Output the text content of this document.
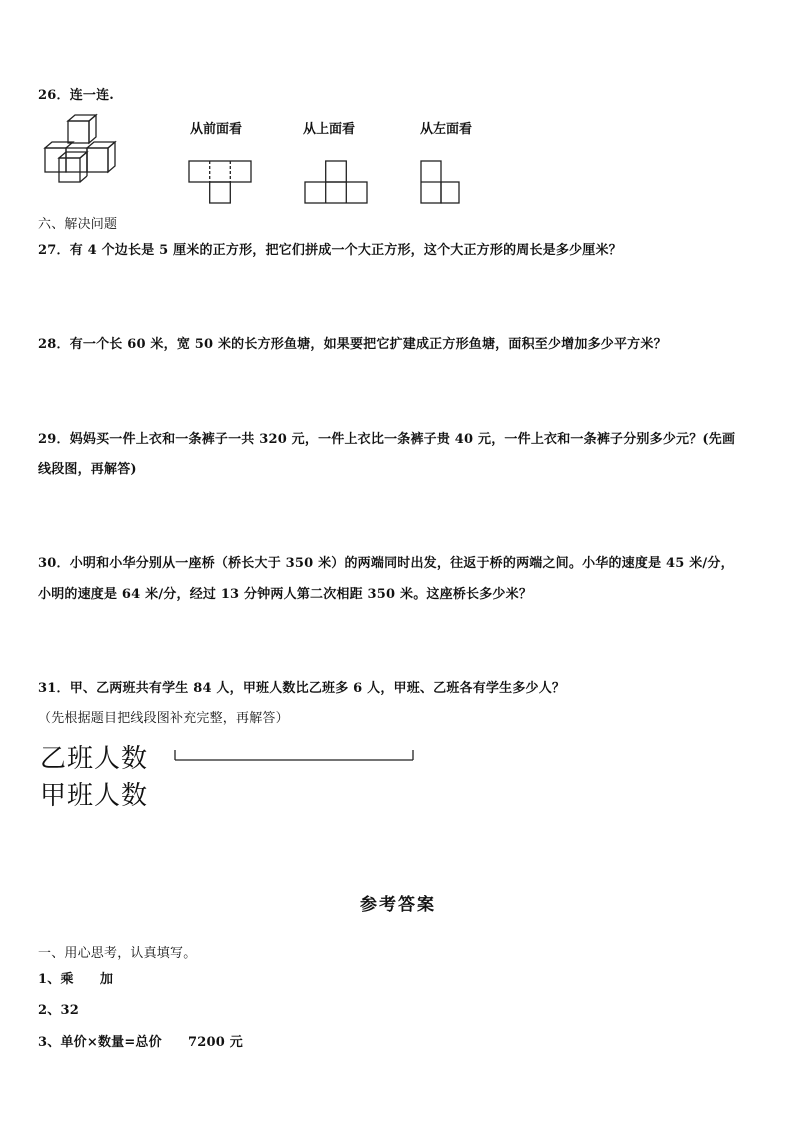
26．连一连.
从前面看	从上面看	从左面看
六、解决问题
27．有 4 个边长是 5 厘米的正方形，把它们拼成一个大正方形，这个大正方形的周长是多少厘米？
28．有一个长 60 米，宽 50 米的长方形鱼塘，如果要把它扩建成正方形鱼塘，面积至少增加多少平方米？
29．妈妈买一件上衣和一条裤子一共 320 元，一件上衣比一条裤子贵 40 元，一件上衣和一条裤子分别多少元？(先画
线段图，再解答)
30．小明和小华分别从一座桥（桥长大于 350 米）的两端同时出发，往返于桥的两端之间。小华的速度是 45 米/分，
小明的速度是 64 米/分，经过 13 分钟两人第二次相距 350 米。这座桥长多少米？
31．甲、乙两班共有学生 84 人，甲班人数比乙班多 6 人，甲班、乙班各有学生多少人？
（先根据题目把线段图补充完整，再解答）
乙班人数
甲班人数
参考答案
一、用心思考，认真填写。
1、乘 加
2、32
3、单价×数量=总价 7200 元
